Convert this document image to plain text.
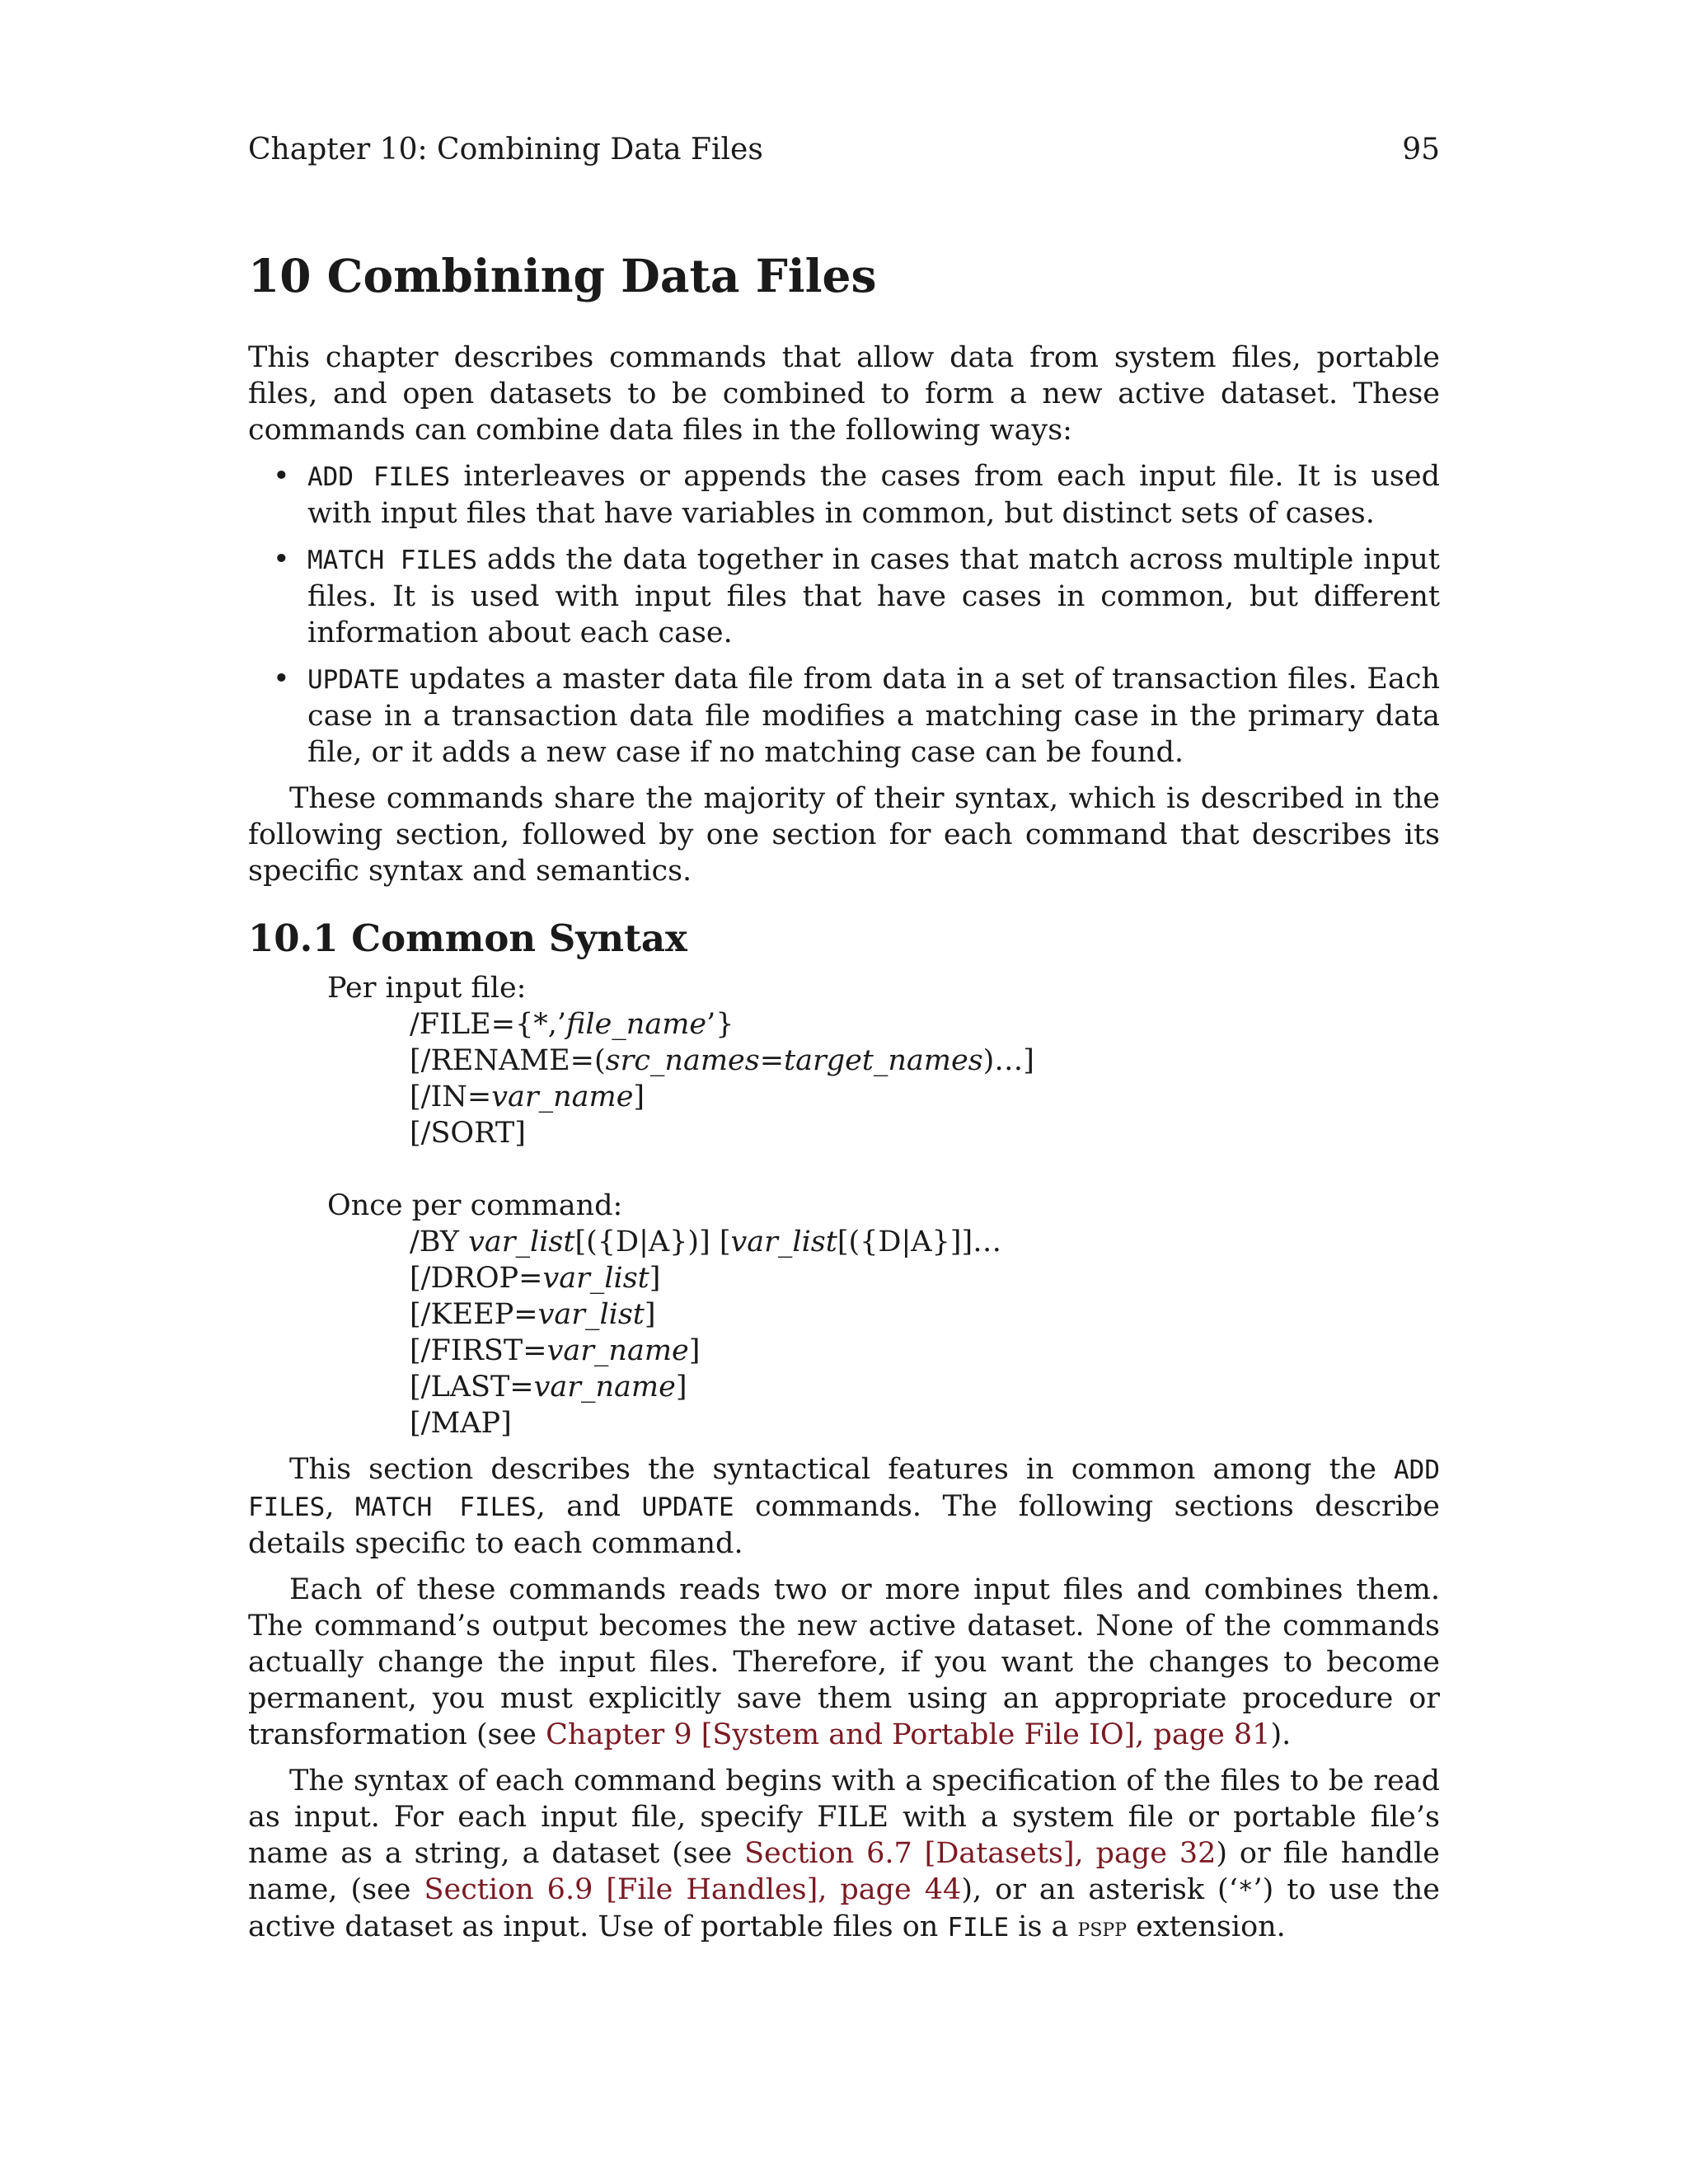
Chapter 10: Combining Data Files	95
10 Combining Data Files

This chapter describes commands that allow data from system files, portable files, and open datasets to be combined to form a new active dataset. These commands can combine data files in the following ways:

• ADD FILES interleaves or appends the cases from each input file. It is used with input files that have variables in common, but distinct sets of cases.
• MATCH FILES adds the data together in cases that match across multiple input files. It is used with input files that have cases in common, but different information about each case.
• UPDATE updates a master data file from data in a set of transaction files. Each case in a transaction data file modifies a matching case in the primary data file, or it adds a new case if no matching case can be found.

These commands share the majority of their syntax, which is described in the following section, followed by one section for each command that describes its specific syntax and semantics.

10.1 Common Syntax
Per input file:
/FILE={*,’file_name’}
[/RENAME=(src_names=target_names)…]
[/IN=var_name]
[/SORT]
Once per command:
/BY var_list[({D|A})] [var_list[({D|A}]]…
[/DROP=var_list]
[/KEEP=var_list]
[/FIRST=var_name]
[/LAST=var_name]
[/MAP]

This section describes the syntactical features in common among the ADD FILES, MATCH FILES, and UPDATE commands. The following sections describe details specific to each command.

Each of these commands reads two or more input files and combines them. The command’s output becomes the new active dataset. None of the commands actually change the input files. Therefore, if you want the changes to become permanent, you must explicitly save them using an appropriate procedure or transformation (see Chapter 9 [System and Portable File IO], page 81).

The syntax of each command begins with a specification of the files to be read as input. For each input file, specify FILE with a system file or portable file’s name as a string, a dataset (see Section 6.7 [Datasets], page 32) or file handle name, (see Section 6.9 [File Handles], page 44), or an asterisk (‘*’) to use the active dataset as input. Use of portable files on FILE is a pspp extension.
